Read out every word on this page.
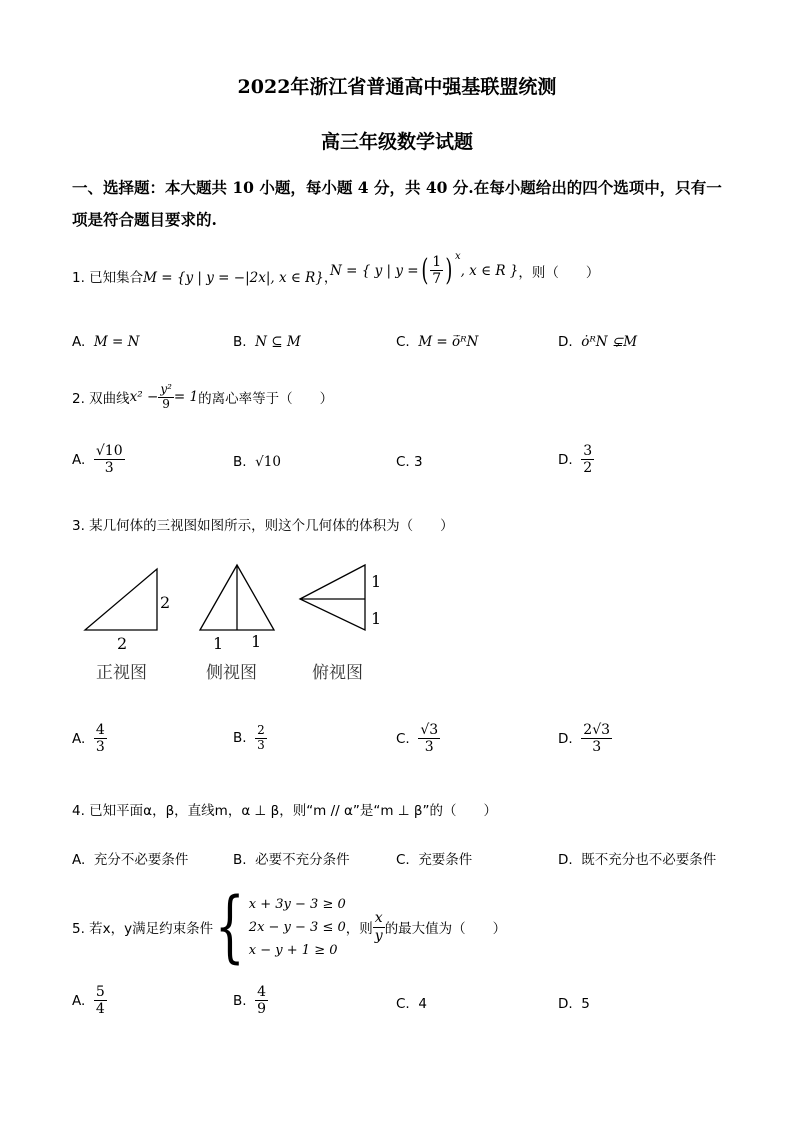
2022年浙江省普通高中强基联盟统测
高三年级数学试题
一、选择题：本大题共 10 小题，每小题 4 分，共 40 分.在每小题给出的四个选项中，只有一
项是符合题目要求的.
1. 已知集合M = {y | y = −|2x|, x ∈ R}，
N = { y | y = ( $\frac{1}{7} )^x$
, x ∈ R } ，则（　　）
A. M = N	B. N ⊆ M	C. M = ȯ̅ᴿN	D. ȯᴿN ⊊M
2. 双曲线 $x^2 - \frac{\text{y²}}{9} = 1$ 的离心率等于（　　）
A.
$\frac{√10}{3}$	B. √10	C. 3	D.
$\frac{3}{2}$
3. 某几何体的三视图如图所示，则这个几何体的体积为（　　）
2
2	1 1
1
1
正视图	侧视图	俯视图
A.
$\frac{4}{3}$	B.
$\frac{2}{3}$	C.
$\frac{√3}{3}$	D.
$\frac{2√3}{3}$
4. 已知平面α，β，直线m，α ⊥ β，则“m // α”是“m ⊥ β”的（　　）
A. 充分不必要条件	B. 必要不充分条件	C. 充要条件	D. 既不充分也不必要条件
5. 若x，y满足约束条件 { x + 3y − 3 ≥ 0
2x − y − 3 ≤ 0
x − y + 1 ≥ 0
，则 $\frac{x}{y}$ 的最大值为（　　）
A.
$\frac{5}{4}$	B.
$\frac{4}{9}$	C. 4	D. 5
